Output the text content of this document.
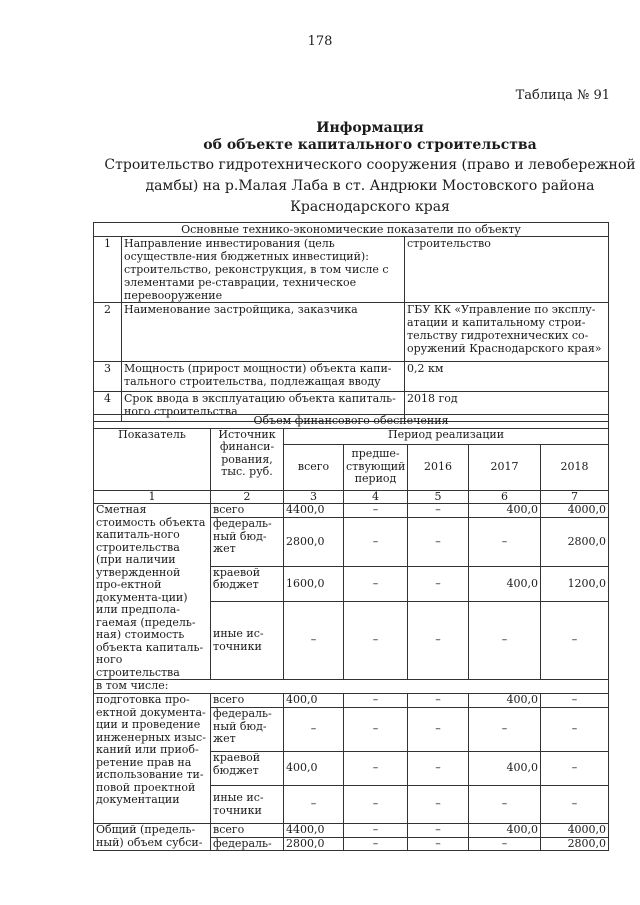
178
Таблица № 91
Информация
об объекте капитального строительства
Строительство гидротехнического сооружения (право и левобережной
дамбы) на р.Малая Лаба в ст. Андрюки Мостовского района
Краснодарского края
Основные технико-экономические показатели по объекту		
1	Направление инвестирования (цель осуществле-ния бюджетных инвестиций): строительство, реконструкция, в том числе с элементами ре-ставрации, техническое перевооружение	строительство
2	Наименование застройщика, заказчика	ГБУ КК «Управление по эксплу-атации и капитальному строи-тельству гидротехнических со-оружений Краснодарского края»
3	Мощность (прирост мощности) объекта капи-тального строительства, подлежащая вводу	0,2 км
4	Срок ввода в эксплуатацию объекта капиталь-ного строительства	2018 год
Объем финансового обеспечения						
Показатель	Источник финанси-рования, тыс. руб.	Период реализации				
		всего	предше-ствующий период	2016	2017	2018
1	2	3	4	5	6	7
Сметная стоимость объекта капиталь-ного строительства (при наличии утвержденной про-ектной документа-ции) или предпола-гаемая (предель-ная) стоимость объекта капиталь-ного строительства	всего	4400,0	–	–	400,0	4000,0
	федераль-ный бюд-жет	2800,0	–	–	–	2800,0
	краевой бюджет	1600,0	–	–	400,0	1200,0
	иные ис-точники	–	–	–	–	–
в том числе:						
подготовка про-ектной документа-ции и проведение инженерных изыс-каний или приоб-ретение прав на использование ти-повой проектной документации	всего	400,0	–	–	400,0	–
	федераль-ный бюд-жет	–	–	–	–	–
	краевой бюджет	400,0	–	–	400,0	–
	иные ис-точники	–	–	–	–	–
Общий (предель-ный) объем субси-	всего	4400,0	–	–	400,0	4000,0
	федераль-	2800,0	–	–	–	2800,0
